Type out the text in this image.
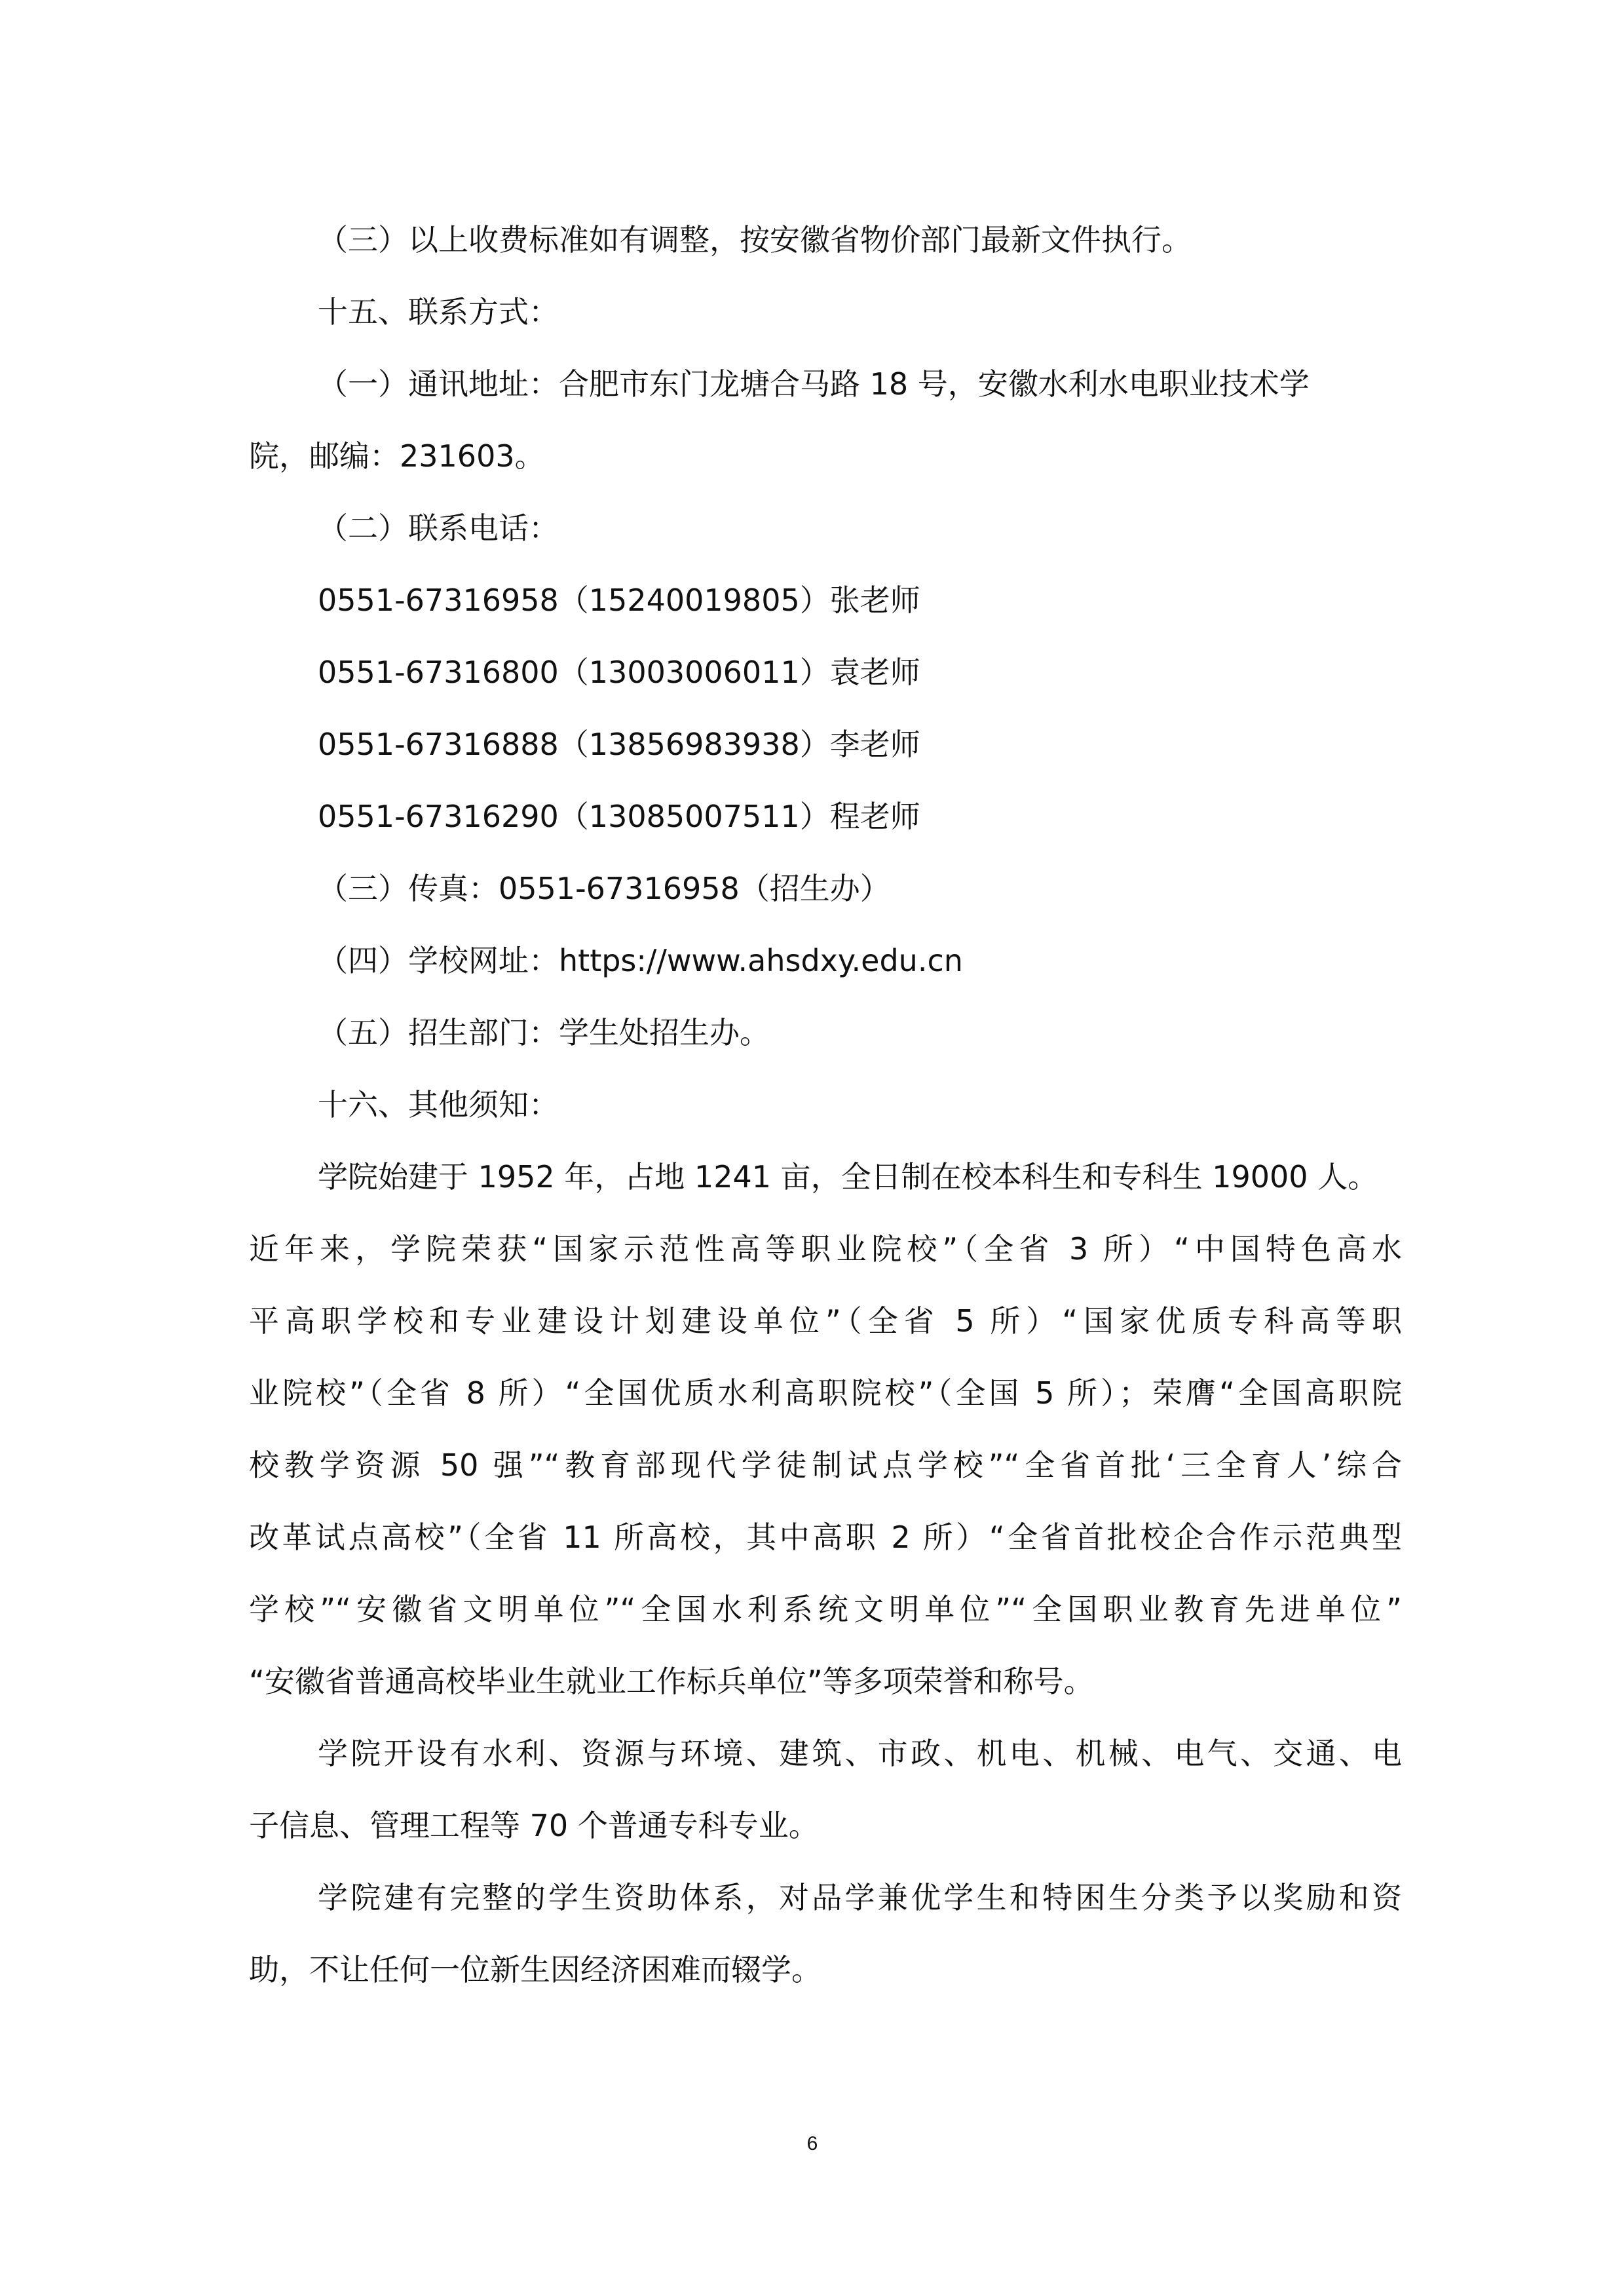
（三）以上收费标准如有调整，按安徽省物价部门最新文件执行。
十五、联系方式：
（一）通讯地址：合肥市东门龙塘合马路 18 号，安徽水利水电职业技术学
院，邮编：231603。
（二）联系电话：
0551-67316958（15240019805）张老师
0551-67316800（13003006011）袁老师
0551-67316888（13856983938）李老师
0551-67316290（13085007511）程老师
（三）传真：0551-67316958（招生办）
（四）学校网址：https://www.ahsdxy.edu.cn
（五）招生部门：学生处招生办。
十六、其他须知：
学院始建于 1952 年，占地 1241 亩，全日制在校本科生和专科生 19000 人。
近年来，学院荣获“国家示范性高等职业院校”（全省 3 所）“中国特色高水
平高职学校和专业建设计划建设单位”（全省 5 所）“国家优质专科高等职
业院校”（全省 8 所）“全国优质水利高职院校”（全国 5 所）；荣膺“全国高职院
校教学资源 50 强”“教育部现代学徒制试点学校”“全省首批‘三全育人’综合
改革试点高校”（全省 11 所高校，其中高职 2 所）“全省首批校企合作示范典型
学校”“安徽省文明单位”“全国水利系统文明单位”“全国职业教育先进单位”
“安徽省普通高校毕业生就业工作标兵单位”等多项荣誉和称号。
学院开设有水利、资源与环境、建筑、市政、机电、机械、电气、交通、电
子信息、管理工程等 70 个普通专科专业。
学院建有完整的学生资助体系，对品学兼优学生和特困生分类予以奖励和资
助，不让任何一位新生因经济困难而辍学。
6
